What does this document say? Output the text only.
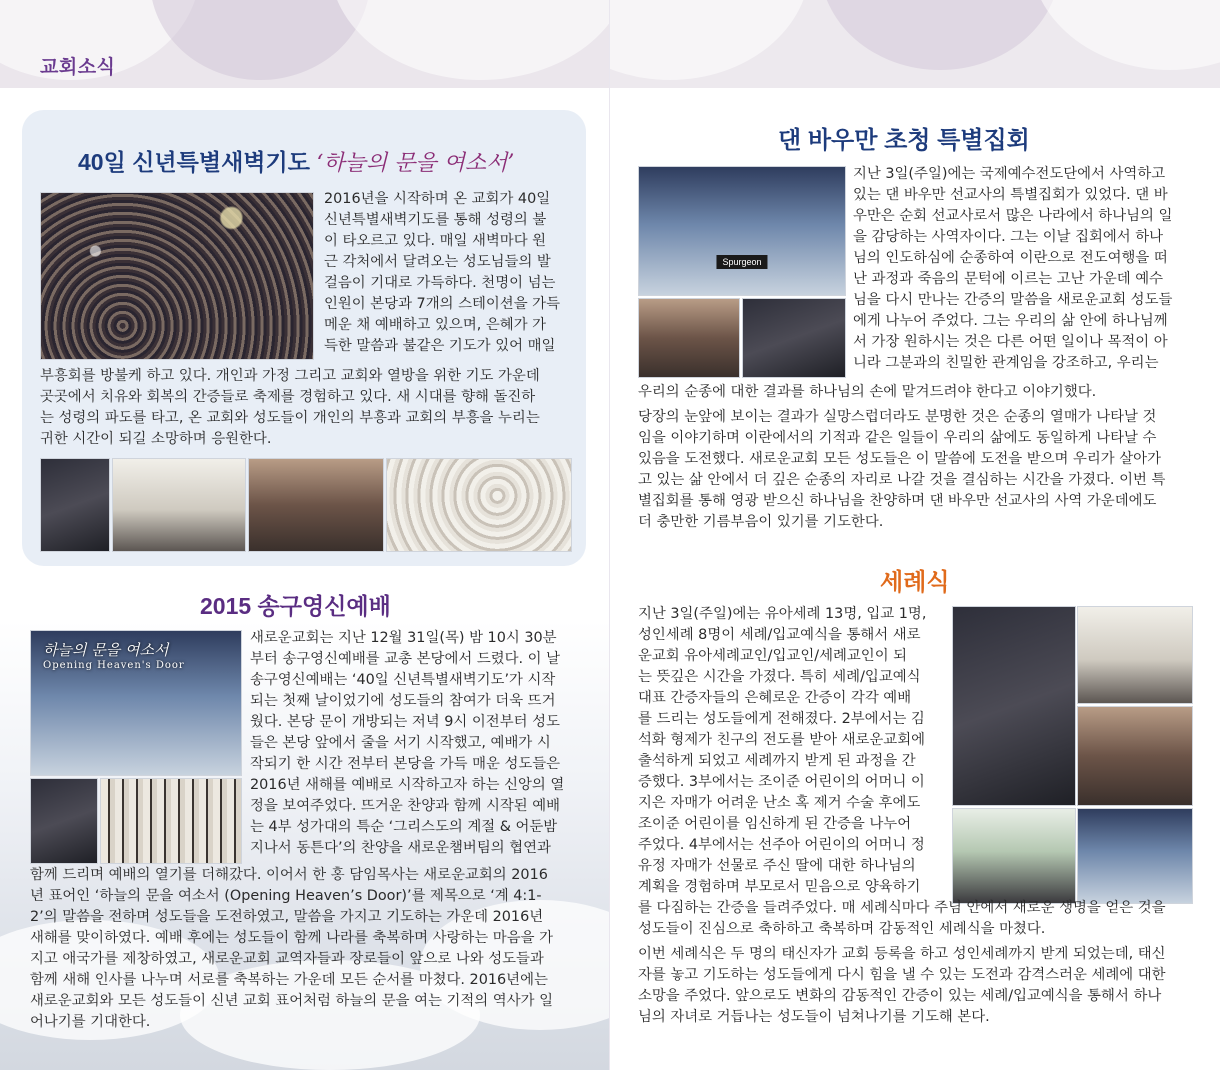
교회소식
40일 신년특별새벽기도 ‘하늘의 문을 여소서’
2016년을 시작하며 온 교회가 40일
신년특별새벽기도를 통해 성령의 불
이 타오르고 있다. 매일 새벽마다 원
근 각처에서 달려오는 성도님들의 발
걸음이 기대로 가득하다. 천명이 넘는
인원이 본당과 7개의 스테이션을 가득
메운 채 예배하고 있으며, 은혜가 가
득한 말씀과 불같은 기도가 있어 매일
부흥회를 방불케 하고 있다. 개인과 가정 그리고 교회와 열방을 위한 기도 가운데
곳곳에서 치유와 회복의 간증들로 축제를 경험하고 있다. 새 시대를 향해 돌진하
는 성령의 파도를 타고, 온 교회와 성도들이 개인의 부흥과 교회의 부흥을 누리는
귀한 시간이 되길 소망하며 응원한다.
2015 송구영신예배
하늘의 문을 여소서
Opening Heaven's Door
새로운교회는 지난 12월 31일(목) 밤 10시 30분
부터 송구영신예배를 교총 본당에서 드렸다. 이 날
송구영신예배는 ‘40일 신년특별새벽기도’가 시작
되는 첫째 날이었기에 성도들의 참여가 더욱 뜨거
웠다. 본당 문이 개방되는 저녁 9시 이전부터 성도
들은 본당 앞에서 줄을 서기 시작했고, 예배가 시
작되기 한 시간 전부터 본당을 가득 매운 성도들은
2016년 새해를 예배로 시작하고자 하는 신앙의 열
정을 보여주었다. 뜨거운 찬양과 함께 시작된 예배
는 4부 성가대의 특순 ‘그리스도의 계절 & 어둔밤
지나서 동튼다’의 찬양을 새로운챔버팀의 협연과
함께 드리며 예배의 열기를 더해갔다. 이어서 한 홍 담임목사는 새로운교회의 2016
년 표어인 ‘하늘의 문을 여소서 (Opening Heaven’s Door)’를 제목으로 ‘계 4:1-
2’의 말씀을 전하며 성도들을 도전하였고, 말씀을 가지고 기도하는 가운데 2016년
새해를 맞이하였다. 예배 후에는 성도들이 함께 나라를 축복하며 사랑하는 마음을 가
지고 애국가를 제창하였고, 새로운교회 교역자들과 장로들이 앞으로 나와 성도들과
함께 새해 인사를 나누며 서로를 축복하는 가운데 모든 순서를 마쳤다. 2016년에는
새로운교회와 모든 성도들이 신년 교회 표어처럼 하늘의 문을 여는 기적의 역사가 일
어나기를 기대한다.
댄 바우만 초청 특별집회
Spurgeon
지난 3일(주일)에는 국제예수전도단에서 사역하고
있는 댄 바우만 선교사의 특별집회가 있었다. 댄 바
우만은 순회 선교사로서 많은 나라에서 하나님의 일
을 감당하는 사역자이다. 그는 이날 집회에서 하나
님의 인도하심에 순종하여 이란으로 전도여행을 떠
난 과정과 죽음의 문턱에 이르는 고난 가운데 예수
님을 다시 만나는 간증의 말씀을 새로운교회 성도들
에게 나누어 주었다. 그는 우리의 삶 안에 하나님께
서 가장 원하시는 것은 다른 어떤 일이나 목적이 아
니라 그분과의 친밀한 관계임을 강조하고, 우리는
우리의 순종에 대한 결과를 하나님의 손에 맡겨드려야 한다고 이야기했다.
당장의 눈앞에 보이는 결과가 실망스럽더라도 분명한 것은 순종의 열매가 나타날 것
임을 이야기하며 이란에서의 기적과 같은 일들이 우리의 삶에도 동일하게 나타날 수
있음을 도전했다. 새로운교회 모든 성도들은 이 말씀에 도전을 받으며 우리가 살아가
고 있는 삶 안에서 더 깊은 순종의 자리로 나갈 것을 결심하는 시간을 가졌다. 이번 특
별집회를 통해 영광 받으신 하나님을 찬양하며 댄 바우만 선교사의 사역 가운데에도
더 충만한 기름부음이 있기를 기도한다.
세례식
지난 3일(주일)에는 유아세례 13명, 입교 1명,
성인세례 8명이 세례/입교예식을 통해서 새로
운교회 유아세례교인/입교인/세례교인이 되
는 뜻깊은 시간을 가졌다. 특히 세례/입교예식
대표 간증자들의 은혜로운 간증이 각각 예배
를 드리는 성도들에게 전해졌다. 2부에서는 김
석화 형제가 친구의 전도를 받아 새로운교회에
출석하게 되었고 세례까지 받게 된 과정을 간
증했다. 3부에서는 조이준 어린이의 어머니 이
지은 자매가 어려운 난소 혹 제거 수술 후에도
조이준 어린이를 임신하게 된 간증을 나누어
주었다. 4부에서는 선주아 어린이의 어머니 정
유정 자매가 선물로 주신 딸에 대한 하나님의
계획을 경험하며 부모로서 믿음으로 양육하기
를 다짐하는 간증을 들려주었다. 매 세례식마다 주님 안에서 새로운 생명을 얻은 것을
성도들이 진심으로 축하하고 축복하며 감동적인 세례식을 마쳤다.
이번 세례식은 두 명의 태신자가 교회 등록을 하고 성인세례까지 받게 되었는데, 태신
자를 놓고 기도하는 성도들에게 다시 힘을 낼 수 있는 도전과 감격스러운 세례에 대한
소망을 주었다. 앞으로도 변화의 감동적인 간증이 있는 세례/입교예식을 통해서 하나
님의 자녀로 거듭나는 성도들이 넘쳐나기를 기도해 본다.
